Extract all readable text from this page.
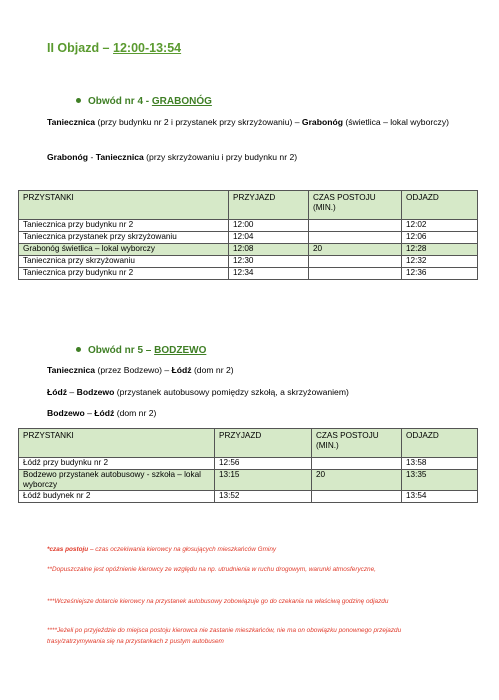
II Objazd – 12:00-13:54
Obwód nr 4 - GRABONÓG
Taniecznica (przy budynku nr 2 i przystanek przy skrzyżowaniu) – Grabonóg (świetlica – lokal wyborczy)
Grabonóg - Taniecznica (przy skrzyżowaniu i przy budynku nr 2)
PRZYSTANKI	PRZYJAZD	CZAS POSTOJU (MIN.)	ODJAZD
Taniecznica przy budynku nr 2	12:00		12:02
Taniecznica przystanek przy skrzyżowaniu	12:04		12:06
Grabonóg świetlica – lokal wyborczy	12:08	20	12:28
Taniecznica przy skrzyżowaniu	12:30		12:32
Taniecznica przy budynku nr 2	12:34		12:36
Obwód nr 5 – BODZEWO
Taniecznica (przez Bodzewo) – Łódź (dom nr 2)
Łódź – Bodzewo (przystanek autobusowy pomiędzy szkołą, a skrzyżowaniem)
Bodzewo – Łódź (dom nr 2)
PRZYSTANKI	PRZYJAZD	CZAS POSTOJU (MIN.)	ODJAZD
Łódź przy budynku nr 2	12:56		13:58
Bodzewo przystanek autobusowy - szkoła – lokal wyborczy	13:15	20	13:35
Łódź budynek nr 2	13:52		13:54
*czas postoju – czas oczekiwania kierowcy na głosujących mieszkańców Gminy
**Dopuszczalne jest opóźnienie kierowcy ze względu na np. utrudnienia w ruchu drogowym, warunki atmosferyczne,
***Wcześniejsze dotarcie kierowcy na przystanek autobusowy zobowiązuje go do czekania na właściwą godzinę odjazdu
****Jeżeli po przyjeździe do miejsca postoju kierowca nie zastanie mieszkańców, nie ma on obowiązku ponownego przejazdu trasy/zatrzymywania się na przystankach z pustym autobusem
